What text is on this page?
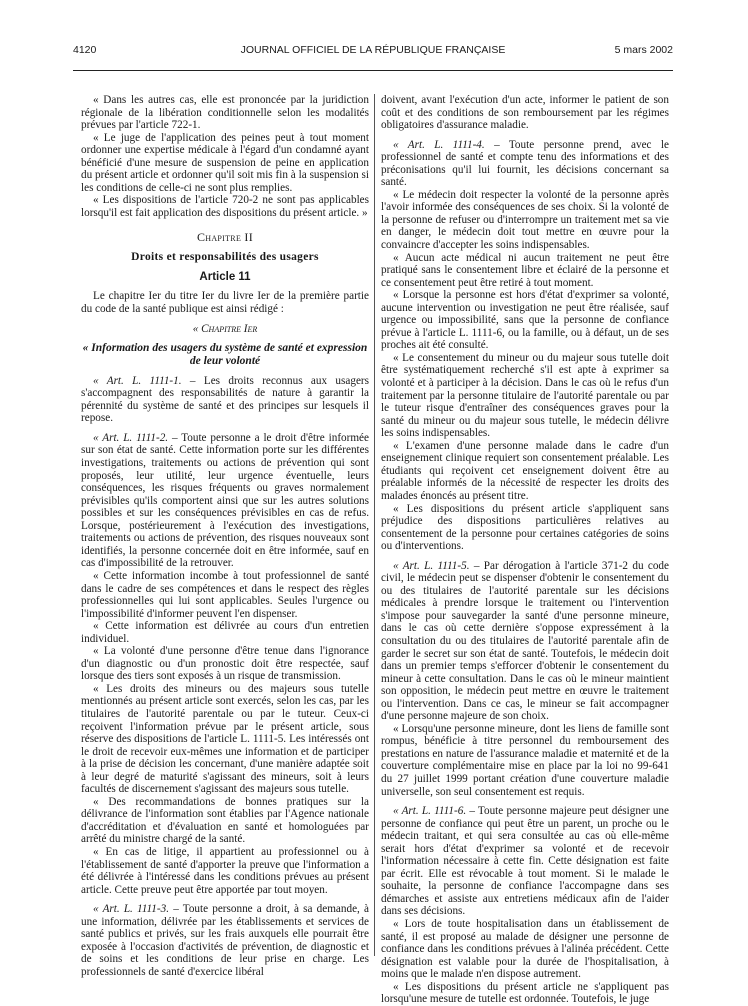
4120	JOURNAL OFFICIEL DE LA RÉPUBLIQUE FRANÇAISE	5 mars 2002

« Dans les autres cas, elle est prononcée par la juridiction régionale de la libération conditionnelle selon les modalités prévues par l'article 722-1.

« Le juge de l'application des peines peut à tout moment ordonner une expertise médicale à l'égard d'un condamné ayant bénéficié d'une mesure de suspension de peine en application du présent article et ordonner qu'il soit mis fin à la suspension si les conditions de celle-ci ne sont plus remplies.

« Les dispositions de l'article 720-2 ne sont pas applicables lorsqu'il est fait application des dispositions du présent article. »

Chapitre II

Droits et responsabilités des usagers

Article 11

Le chapitre Ier du titre Ier du livre Ier de la première partie du code de la santé publique est ainsi rédigé :

« Chapitre Ier

« Information des usagers du système de santé et expression de leur volonté

« Art. L. 1111-1. – Les droits reconnus aux usagers s'accompagnent des responsabilités de nature à garantir la pérennité du système de santé et des principes sur lesquels il repose.

« Art. L. 1111-2. – Toute personne a le droit d'être informée sur son état de santé. Cette information porte sur les différentes investigations, traitements ou actions de prévention qui sont proposés, leur utilité, leur urgence éventuelle, leurs conséquences, les risques fréquents ou graves normalement prévisibles qu'ils comportent ainsi que sur les autres solutions possibles et sur les conséquences prévisibles en cas de refus. Lorsque, postérieurement à l'exécution des investigations, traitements ou actions de prévention, des risques nouveaux sont identifiés, la personne concernée doit en être informée, sauf en cas d'impossibilité de la retrouver.

« Cette information incombe à tout professionnel de santé dans le cadre de ses compétences et dans le respect des règles professionnelles qui lui sont applicables. Seules l'urgence ou l'impossibilité d'informer peuvent l'en dispenser.

« Cette information est délivrée au cours d'un entretien individuel.

« La volonté d'une personne d'être tenue dans l'ignorance d'un diagnostic ou d'un pronostic doit être respectée, sauf lorsque des tiers sont exposés à un risque de transmission.

« Les droits des mineurs ou des majeurs sous tutelle mentionnés au présent article sont exercés, selon les cas, par les titulaires de l'autorité parentale ou par le tuteur. Ceux-ci reçoivent l'information prévue par le présent article, sous réserve des dispositions de l'article L. 1111-5. Les intéressés ont le droit de recevoir eux-mêmes une information et de participer à la prise de décision les concernant, d'une manière adaptée soit à leur degré de maturité s'agissant des mineurs, soit à leurs facultés de discernement s'agissant des majeurs sous tutelle.

« Des recommandations de bonnes pratiques sur la délivrance de l'information sont établies par l'Agence nationale d'accréditation et d'évaluation en santé et homologuées par arrêté du ministre chargé de la santé.

« En cas de litige, il appartient au professionnel ou à l'établissement de santé d'apporter la preuve que l'information a été délivrée à l'intéressé dans les conditions prévues au présent article. Cette preuve peut être apportée par tout moyen.

« Art. L. 1111-3. – Toute personne a droit, à sa demande, à une information, délivrée par les établissements et services de santé publics et privés, sur les frais auxquels elle pourrait être exposée à l'occasion d'activités de prévention, de diagnostic et de soins et les conditions de leur prise en charge. Les professionnels de santé d'exercice libéral

doivent, avant l'exécution d'un acte, informer le patient de son coût et des conditions de son remboursement par les régimes obligatoires d'assurance maladie.

« Art. L. 1111-4. – Toute personne prend, avec le professionnel de santé et compte tenu des informations et des préconisations qu'il lui fournit, les décisions concernant sa santé.

« Le médecin doit respecter la volonté de la personne après l'avoir informée des conséquences de ses choix. Si la volonté de la personne de refuser ou d'interrompre un traitement met sa vie en danger, le médecin doit tout mettre en œuvre pour la convaincre d'accepter les soins indispensables.

« Aucun acte médical ni aucun traitement ne peut être pratiqué sans le consentement libre et éclairé de la personne et ce consentement peut être retiré à tout moment.

« Lorsque la personne est hors d'état d'exprimer sa volonté, aucune intervention ou investigation ne peut être réalisée, sauf urgence ou impossibilité, sans que la personne de confiance prévue à l'article L. 1111-6, ou la famille, ou à défaut, un de ses proches ait été consulté.

« Le consentement du mineur ou du majeur sous tutelle doit être systématiquement recherché s'il est apte à exprimer sa volonté et à participer à la décision. Dans le cas où le refus d'un traitement par la personne titulaire de l'autorité parentale ou par le tuteur risque d'entraîner des conséquences graves pour la santé du mineur ou du majeur sous tutelle, le médecin délivre les soins indispensables.

« L'examen d'une personne malade dans le cadre d'un enseignement clinique requiert son consentement préalable. Les étudiants qui reçoivent cet enseignement doivent être au préalable informés de la nécessité de respecter les droits des malades énoncés au présent titre.

« Les dispositions du présent article s'appliquent sans préjudice des dispositions particulières relatives au consentement de la personne pour certaines catégories de soins ou d'interventions.

« Art. L. 1111-5. – Par dérogation à l'article 371-2 du code civil, le médecin peut se dispenser d'obtenir le consentement du ou des titulaires de l'autorité parentale sur les décisions médicales à prendre lorsque le traitement ou l'intervention s'impose pour sauvegarder la santé d'une personne mineure, dans le cas où cette dernière s'oppose expressément à la consultation du ou des titulaires de l'autorité parentale afin de garder le secret sur son état de santé. Toutefois, le médecin doit dans un premier temps s'efforcer d'obtenir le consentement du mineur à cette consultation. Dans le cas où le mineur maintient son opposition, le médecin peut mettre en œuvre le traitement ou l'intervention. Dans ce cas, le mineur se fait accompagner d'une personne majeure de son choix.

« Lorsqu'une personne mineure, dont les liens de famille sont rompus, bénéficie à titre personnel du remboursement des prestations en nature de l'assurance maladie et maternité et de la couverture complémentaire mise en place par la loi no 99-641 du 27 juillet 1999 portant création d'une couverture maladie universelle, son seul consentement est requis.

« Art. L. 1111-6. – Toute personne majeure peut désigner une personne de confiance qui peut être un parent, un proche ou le médecin traitant, et qui sera consultée au cas où elle-même serait hors d'état d'exprimer sa volonté et de recevoir l'information nécessaire à cette fin. Cette désignation est faite par écrit. Elle est révocable à tout moment. Si le malade le souhaite, la personne de confiance l'accompagne dans ses démarches et assiste aux entretiens médicaux afin de l'aider dans ses décisions.

« Lors de toute hospitalisation dans un établissement de santé, il est proposé au malade de désigner une personne de confiance dans les conditions prévues à l'alinéa précédent. Cette désignation est valable pour la durée de l'hospitalisation, à moins que le malade n'en dispose autrement.

« Les dispositions du présent article ne s'appliquent pas lorsqu'une mesure de tutelle est ordonnée. Toutefois, le juge
